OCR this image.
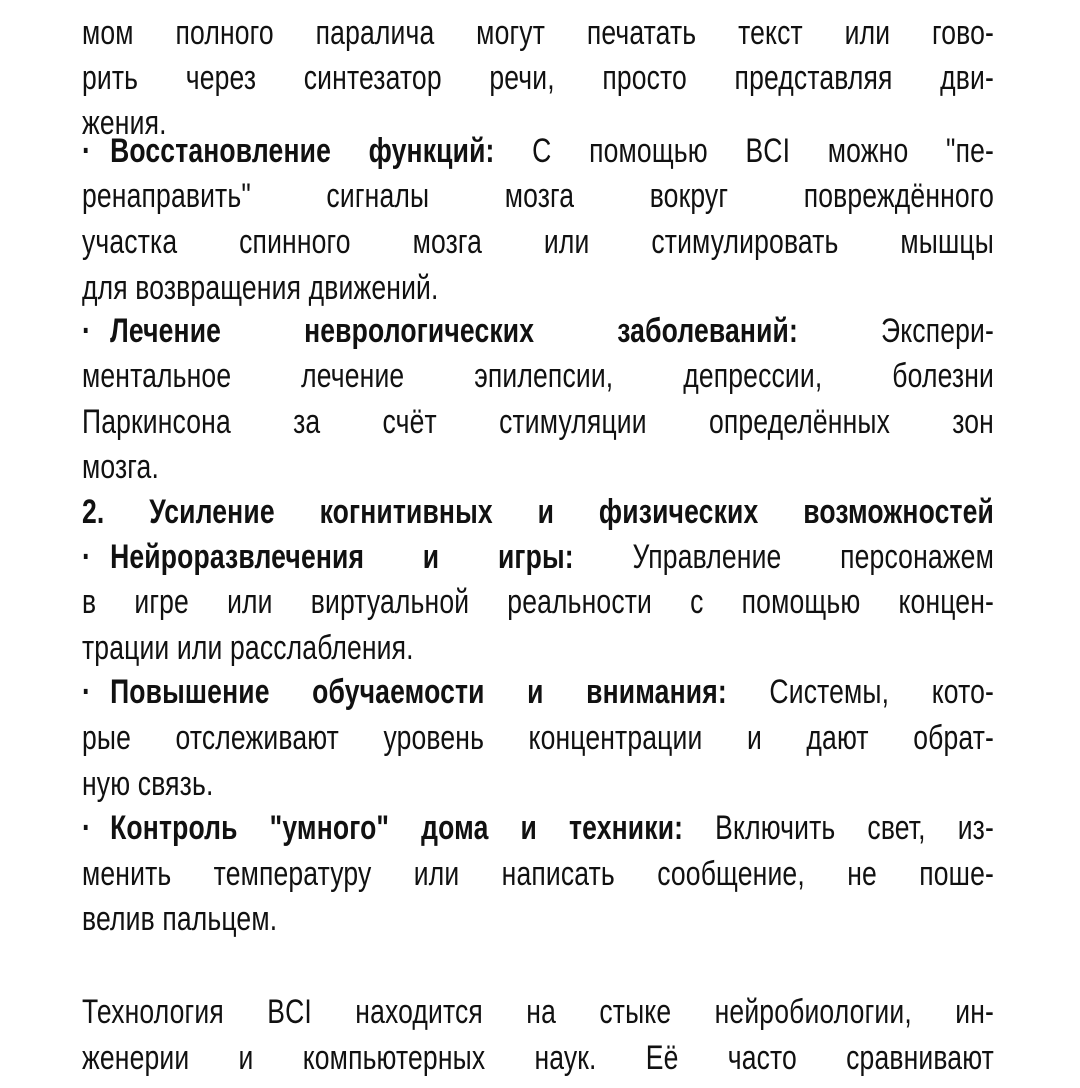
мом полного паралича могут печатать текст или гово-
рить через синтезатор речи, просто представляя дви-
жения.
· Восстановление функций: С помощью BCI можно "пе-
ренаправить" сигналы мозга вокруг повреждённого
участка спинного мозга или стимулировать мышцы
для возвращения движений.
· Лечение неврологических заболеваний: Экспери-
ментальное лечение эпилепсии, депрессии, болезни
Паркинсона за счёт стимуляции определённых зон
мозга.
2. Усиление когнитивных и физических возможностей
· Нейроразвлечения и игры: Управление персонажем
в игре или виртуальной реальности с помощью концен-
трации или расслабления.
· Повышение обучаемости и внимания: Системы, кото-
рые отслеживают уровень концентрации и дают обрат-
ную связь.
· Контроль "умного" дома и техники: Включить свет, из-
менить температуру или написать сообщение, не поше-
велив пальцем.
Технология BCI находится на стыке нейробиологии, ин-
женерии и компьютерных наук. Её часто сравнивают
